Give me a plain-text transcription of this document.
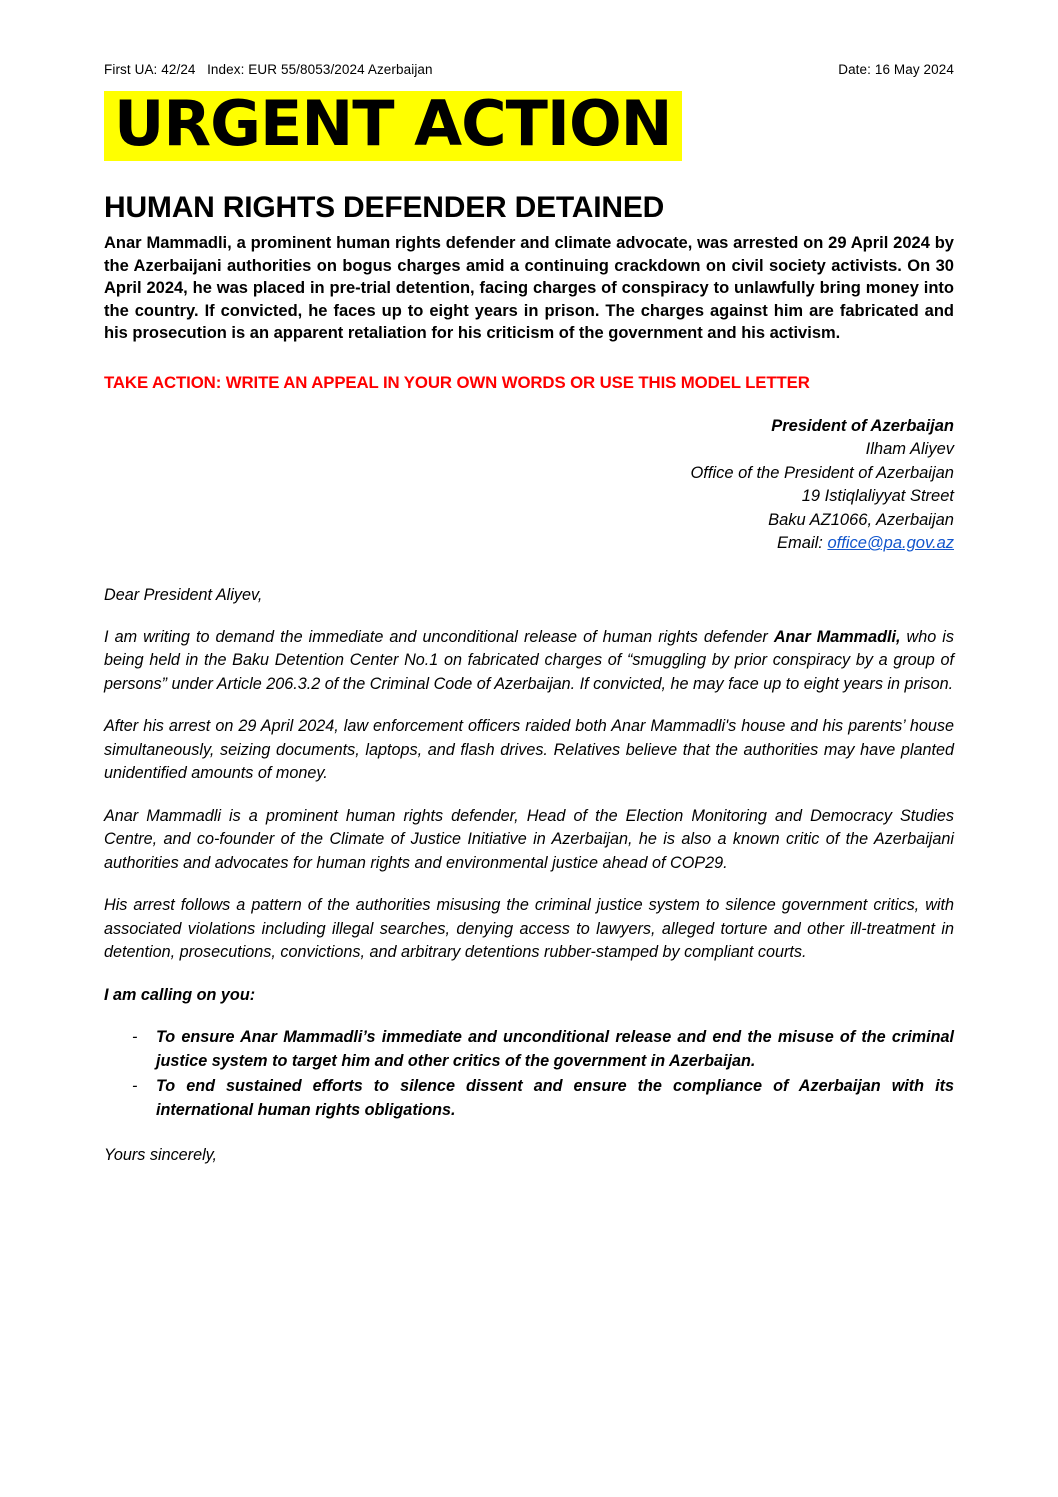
First UA: 42/24   Index: EUR 55/8053/2024 Azerbaijan	Date: 16 May 2024
URGENT ACTION
HUMAN RIGHTS DEFENDER DETAINED
Anar Mammadli, a prominent human rights defender and climate advocate, was arrested on 29 April 2024 by the Azerbaijani authorities on bogus charges amid a continuing crackdown on civil society activists. On 30 April 2024, he was placed in pre-trial detention, facing charges of conspiracy to unlawfully bring money into the country. If convicted, he faces up to eight years in prison. The charges against him are fabricated and his prosecution is an apparent retaliation for his criticism of the government and his activism.
TAKE ACTION: WRITE AN APPEAL IN YOUR OWN WORDS OR USE THIS MODEL LETTER
President of Azerbaijan
Ilham Aliyev
Office of the President of Azerbaijan
19 Istiqlaliyyat Street
Baku AZ1066, Azerbaijan
Email: office@pa.gov.az

Dear President Aliyev,

I am writing to demand the immediate and unconditional release of human rights defender Anar Mammadli, who is being held in the Baku Detention Center No.1 on fabricated charges of “smuggling by prior conspiracy by a group of persons” under Article 206.3.2 of the Criminal Code of Azerbaijan. If convicted, he may face up to eight years in prison.

After his arrest on 29 April 2024, law enforcement officers raided both Anar Mammadli's house and his parents’ house simultaneously, seizing documents, laptops, and flash drives. Relatives believe that the authorities may have planted unidentified amounts of money.

Anar Mammadli is a prominent human rights defender, Head of the Election Monitoring and Democracy Studies Centre, and co-founder of the Climate of Justice Initiative in Azerbaijan, he is also a known critic of the Azerbaijani authorities and advocates for human rights and environmental justice ahead of COP29.

His arrest follows a pattern of the authorities misusing the criminal justice system to silence government critics, with associated violations including illegal searches, denying access to lawyers, alleged torture and other ill-treatment in detention, prosecutions, convictions, and arbitrary detentions rubber-stamped by compliant courts.

I am calling on you:

- To ensure Anar Mammadli’s immediate and unconditional release and end the misuse of the criminal justice system to target him and other critics of the government in Azerbaijan.
- To end sustained efforts to silence dissent and ensure the compliance of Azerbaijan with its international human rights obligations.
Yours sincerely,
